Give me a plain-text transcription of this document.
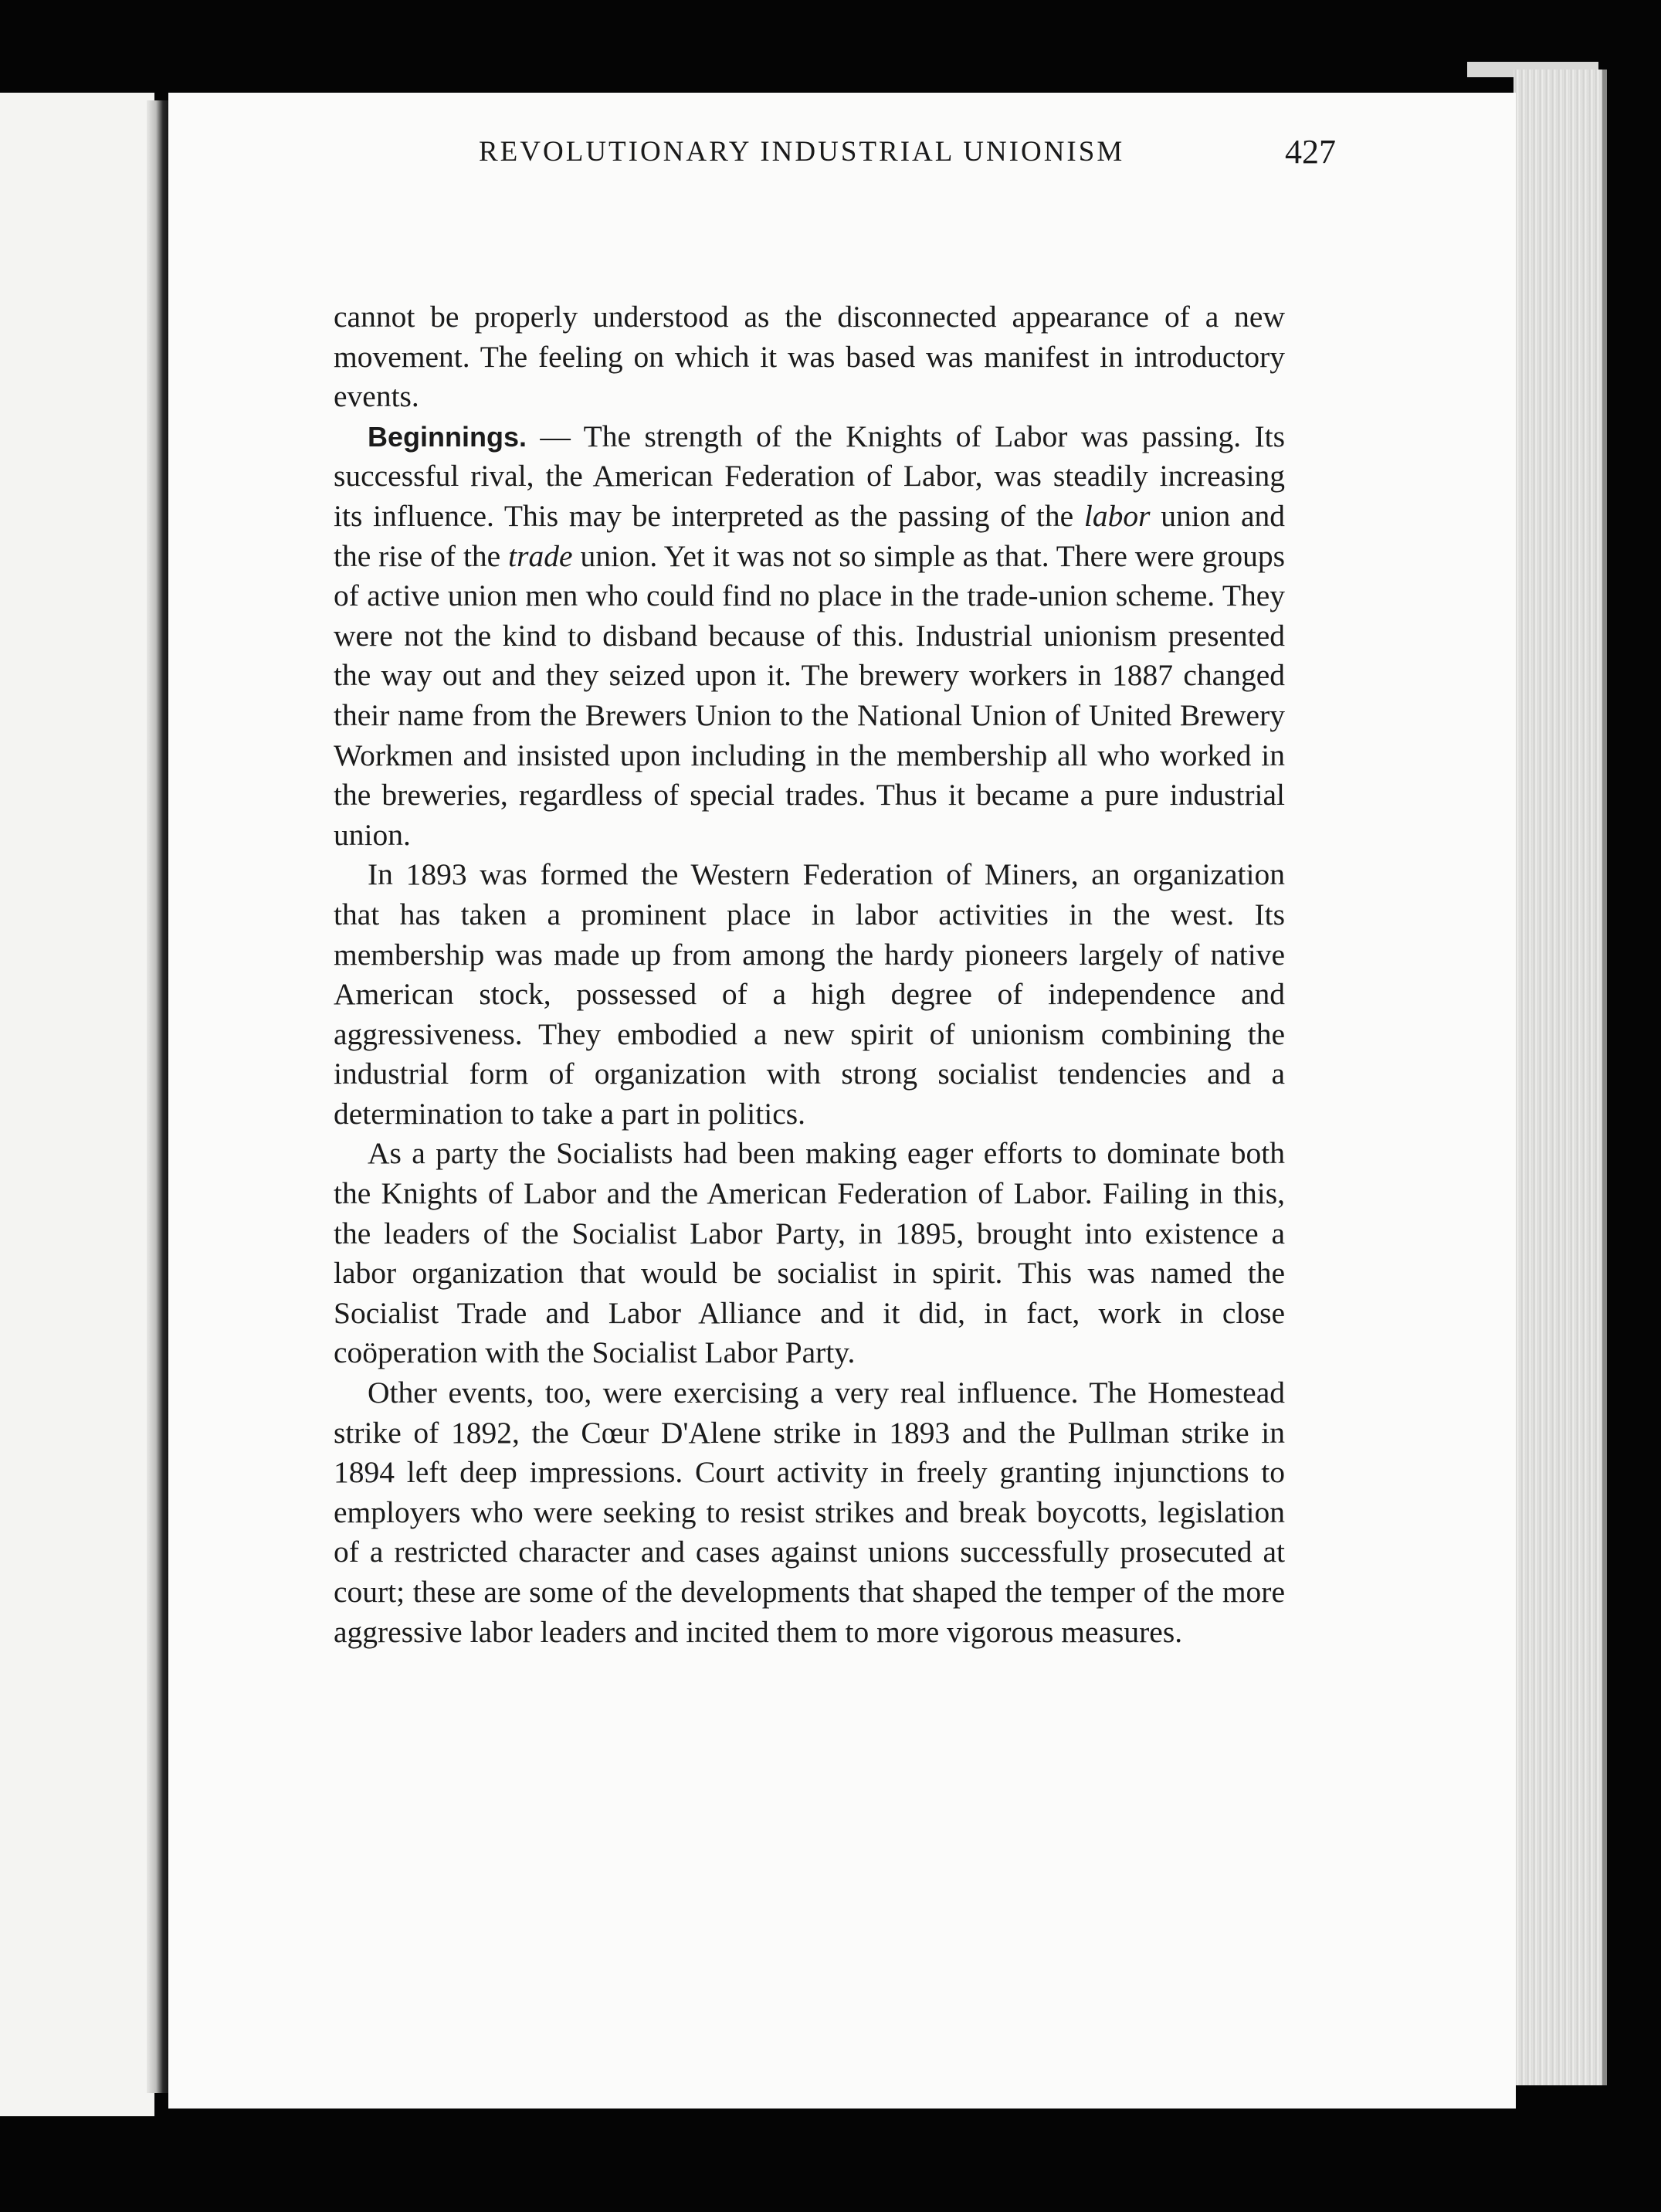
REVOLUTIONARY INDUSTRIAL UNIONISM	427

cannot be properly understood as the disconnected appearance of a new movement. The feeling on which it was based was manifest in introductory events.

Beginnings. — The strength of the Knights of Labor was passing. Its successful rival, the American Federation of Labor, was steadily increasing its influence. This may be interpreted as the passing of the labor union and the rise of the trade union. Yet it was not so simple as that. There were groups of active union men who could find no place in the trade-union scheme. They were not the kind to disband because of this. Industrial unionism presented the way out and they seized upon it. The brewery workers in 1887 changed their name from the Brewers Union to the National Union of United Brewery Workmen and insisted upon including in the membership all who worked in the breweries, regardless of special trades. Thus it became a pure industrial union.

In 1893 was formed the Western Federation of Miners, an organization that has taken a prominent place in labor activities in the west. Its membership was made up from among the hardy pioneers largely of native American stock, possessed of a high degree of independence and aggressiveness. They embodied a new spirit of unionism combining the industrial form of organization with strong socialist tendencies and a determination to take a part in politics.

As a party the Socialists had been making eager efforts to dominate both the Knights of Labor and the American Federation of Labor. Failing in this, the leaders of the Socialist Labor Party, in 1895, brought into existence a labor organization that would be socialist in spirit. This was named the Socialist Trade and Labor Alliance and it did, in fact, work in close coöperation with the Socialist Labor Party.

Other events, too, were exercising a very real influence. The Homestead strike of 1892, the Cœur D'Alene strike in 1893 and the Pullman strike in 1894 left deep impressions. Court activity in freely granting injunctions to employers who were seeking to resist strikes and break boycotts, legislation of a restricted character and cases against unions successfully prosecuted at court; these are some of the developments that shaped the temper of the more aggressive labor leaders and incited them to more vigorous measures.
